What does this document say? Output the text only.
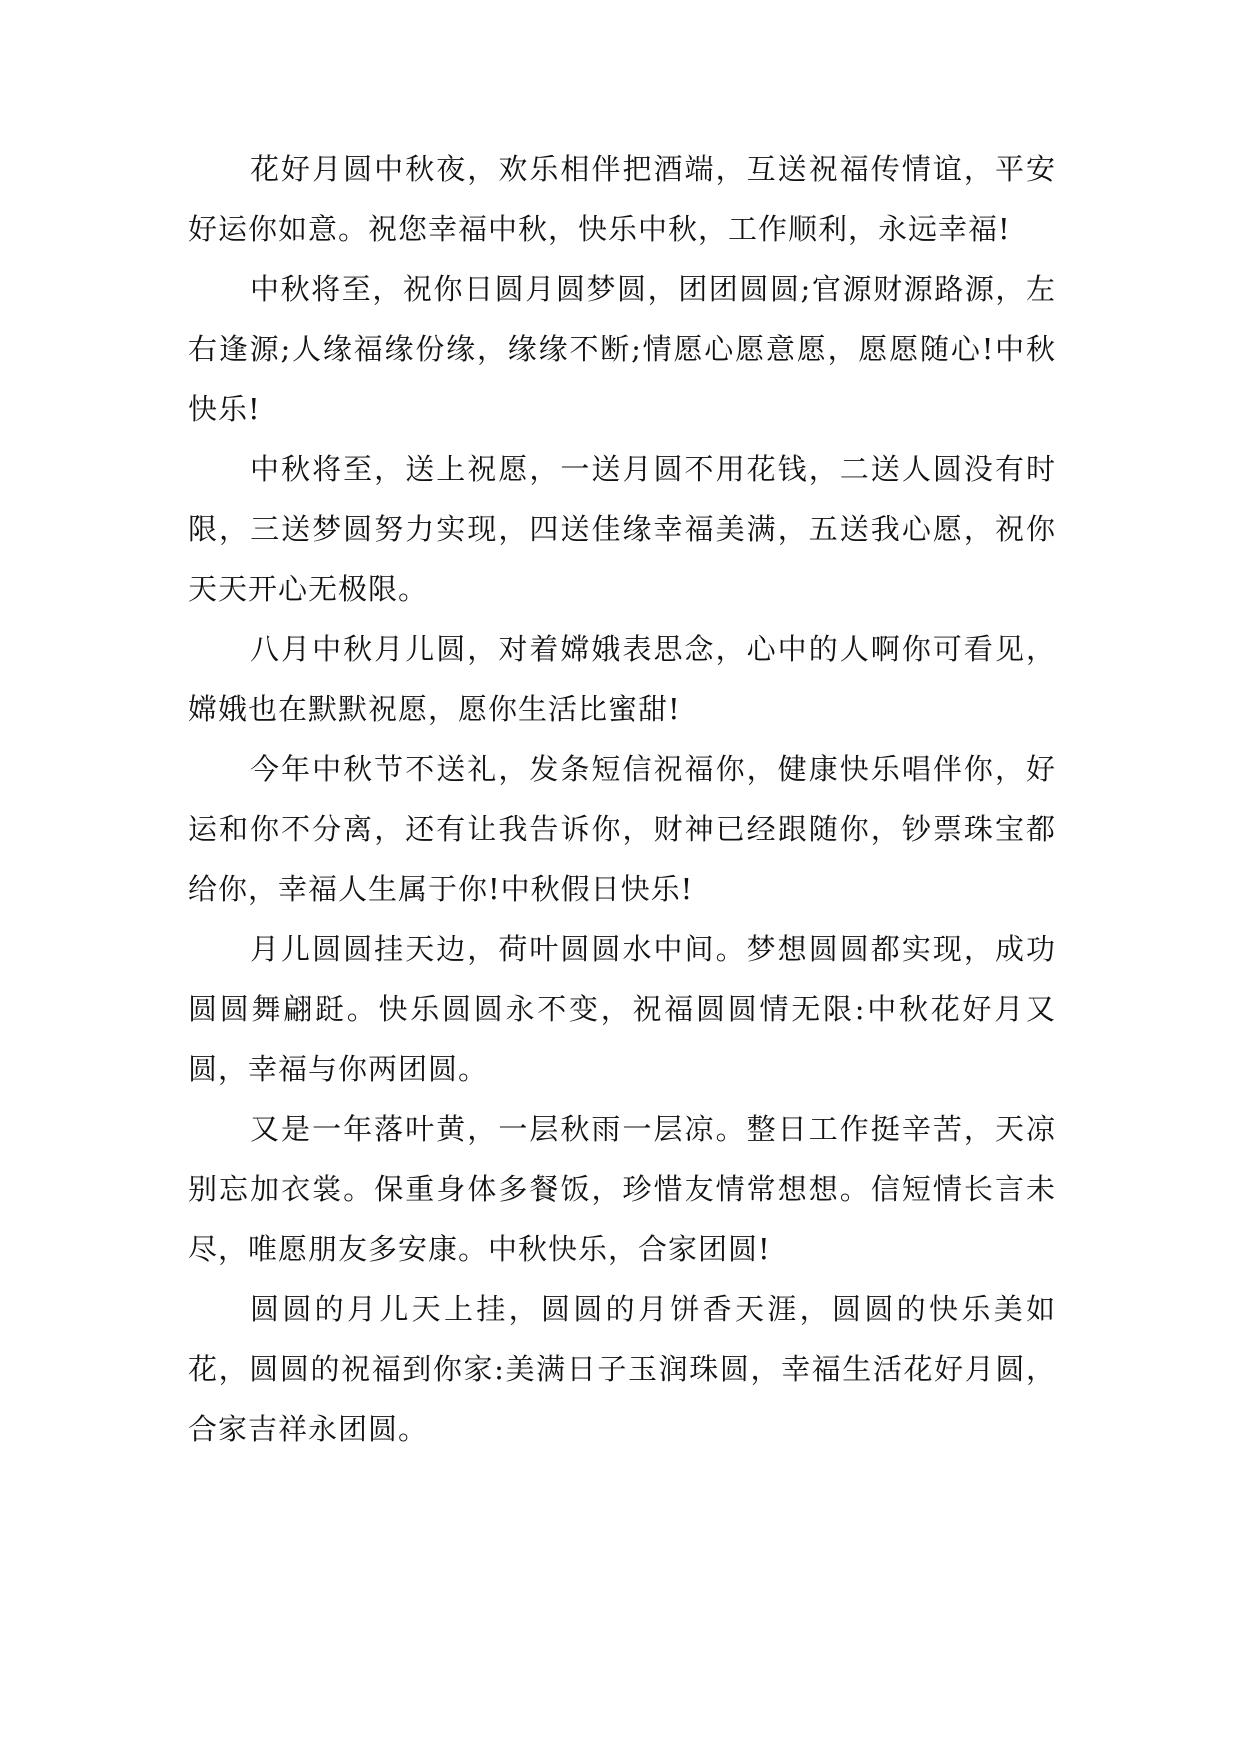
花好月圆中秋夜，欢乐相伴把酒端，互送祝福传情谊，平安好运你如意。祝您幸福中秋，快乐中秋，工作顺利，永远幸福!

中秋将至，祝你日圆月圆梦圆，团团圆圆;官源财源路源，左右逢源;人缘福缘份缘，缘缘不断;情愿心愿意愿，愿愿随心!中秋快乐!

中秋将至，送上祝愿，一送月圆不用花钱，二送人圆没有时限，三送梦圆努力实现，四送佳缘幸福美满，五送我心愿，祝你天天开心无极限。

八月中秋月儿圆，对着嫦娥表思念，心中的人啊你可看见，嫦娥也在默默祝愿，愿你生活比蜜甜!

今年中秋节不送礼，发条短信祝福你，健康快乐唱伴你，好运和你不分离，还有让我告诉你，财神已经跟随你，钞票珠宝都给你，幸福人生属于你!中秋假日快乐!

月儿圆圆挂天边，荷叶圆圆水中间。梦想圆圆都实现，成功圆圆舞翩跹。快乐圆圆永不变，祝福圆圆情无限:中秋花好月又圆，幸福与你两团圆。

又是一年落叶黄，一层秋雨一层凉。整日工作挺辛苦，天凉别忘加衣裳。保重身体多餐饭，珍惜友情常想想。信短情长言未尽，唯愿朋友多安康。中秋快乐，合家团圆!

圆圆的月儿天上挂，圆圆的月饼香天涯，圆圆的快乐美如花，圆圆的祝福到你家:美满日子玉润珠圆，幸福生活花好月圆，合家吉祥永团圆。
